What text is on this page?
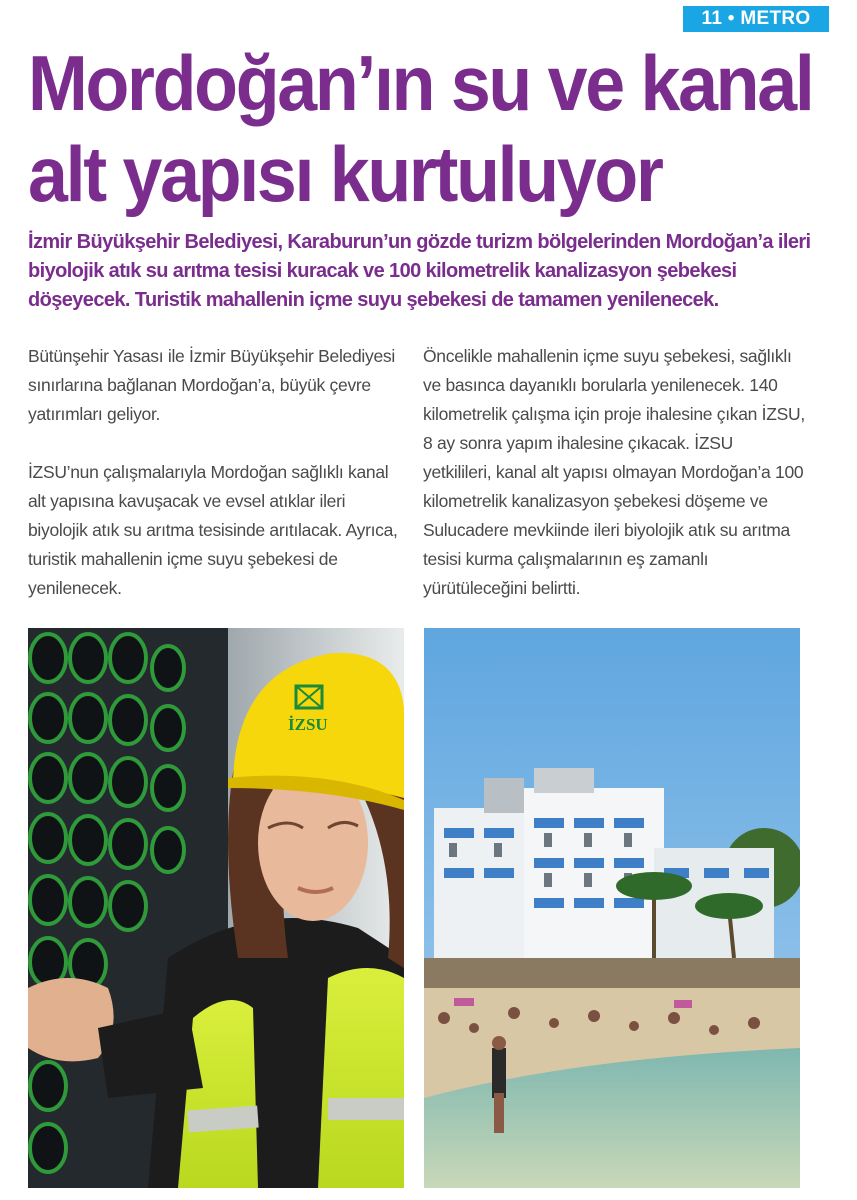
11 • METRO
Mordoğan’ın su ve kanal
alt yapısı kurtuluyor

İzmir Büyükşehir Belediyesi, Karaburun’un gözde turizm bölgelerinden Mordoğan’a ileri biyolojik atık su arıtma tesisi kuracak ve 100 kilometrelik kanalizasyon şebekesi döşeyecek. Turistik mahallenin içme suyu şebekesi de tamamen yenilenecek.

Bütünşehir Yasası ile İzmir Büyükşehir Belediyesi sınırlarına bağlanan Mordoğan’a, büyük çevre yatırımları geliyor.

İZSU’nun çalışmalarıyla Mordoğan sağlıklı kanal alt yapısına kavuşacak ve evsel atıklar ileri biyolojik atık su arıtma tesisinde arıtılacak. Ayrıca, turistik mahallenin içme suyu şebekesi de yenilenecek.

Öncelikle mahallenin içme suyu şebekesi, sağlıklı ve basınca dayanıklı borularla yenilenecek. 140 kilometrelik çalışma için proje ihalesine çıkan İZSU, 8 ay sonra yapım ihalesine çıkacak. İZSU yetkilileri, kanal alt yapısı olmayan Mordoğan’a 100 kilometrelik kanalizasyon şebekesi döşeme ve Sulucadere mevkiinde ileri biyolojik atık su arıtma tesisi kurma çalışmalarının eş zamanlı yürütüleceğini belirtti.

İZSU
